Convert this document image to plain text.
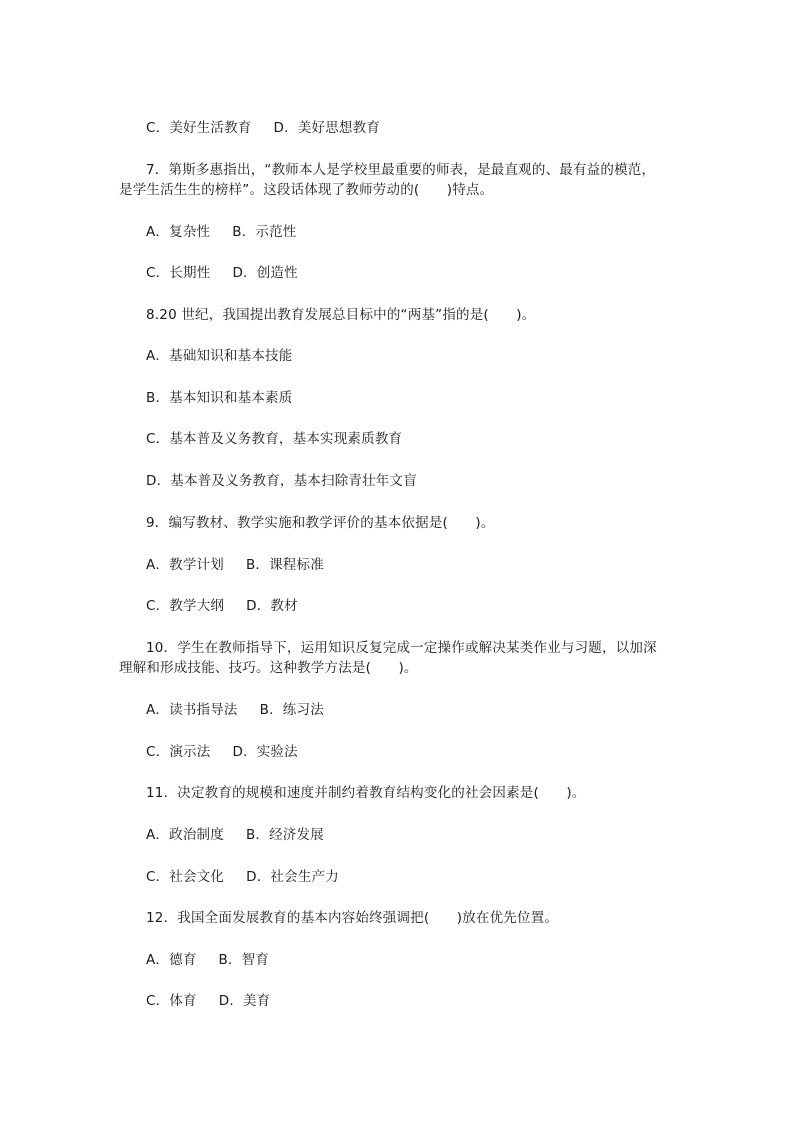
C．美好生活教育 D．美好思想教育
7．第斯多惠指出，“教师本人是学校里最重要的师表，是最直观的、最有益的模范，
是学生活生生的榜样”。这段话体现了教师劳动的(　　)特点。
A．复杂性 B．示范性
C．长期性 D．创造性
8.20 世纪，我国提出教育发展总目标中的“两基”指的是(　　)。
A．基础知识和基本技能
B．基本知识和基本素质
C．基本普及义务教育，基本实现素质教育
D．基本普及义务教育，基本扫除青壮年文盲
9．编写教材、教学实施和教学评价的基本依据是(　　)。
A．教学计划 B．课程标准
C．教学大纲 D．教材
10．学生在教师指导下，运用知识反复完成一定操作或解决某类作业与习题，以加深
理解和形成技能、技巧。这种教学方法是(　　)。
A．读书指导法 B．练习法
C．演示法 D．实验法
11．决定教育的规模和速度并制约着教育结构变化的社会因素是(　　)。
A．政治制度 B．经济发展
C．社会文化 D．社会生产力
12．我国全面发展教育的基本内容始终强调把(　　)放在优先位置。
A．德育 B．智育
C．体育 D．美育
